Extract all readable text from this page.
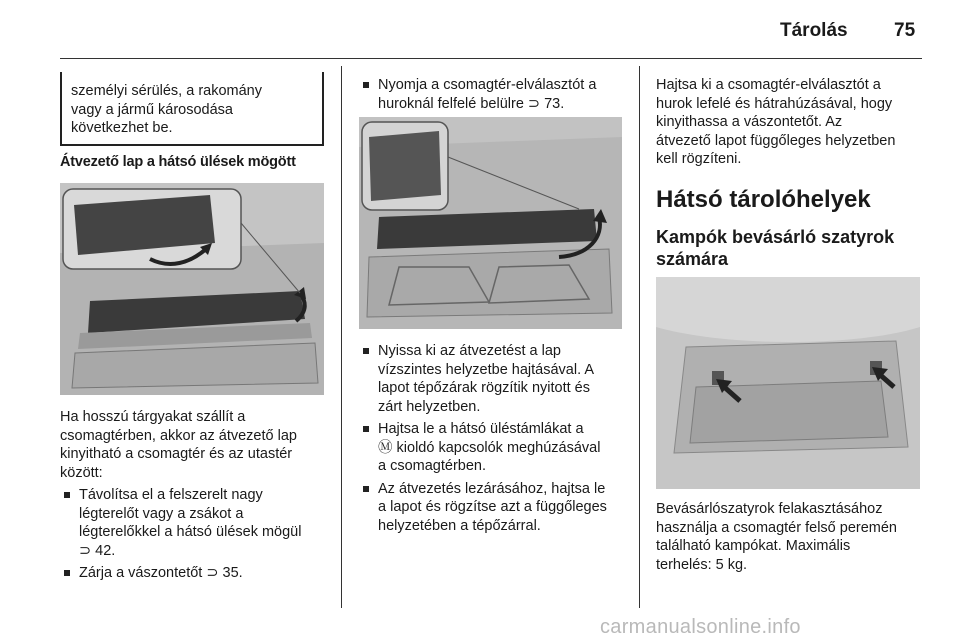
Tárolás 75
személyi sérülés, a rakomány
vagy a jármű károsodása
következhet be.
Átvezető lap a hátsó ülések mögött
Ha hosszú tárgyakat szállít a
csomagtérben, akkor az átvezető lap
kinyitható a csomagtér és az utastér
között:
Távolítsa el a felszerelt nagy
légterelőt vagy a zsákot a
légterelőkkel a hátsó ülések mögül
⊃ 42.
Zárja a vászontetőt ⊃ 35.
Nyomja a csomagtér-elválasztót a
huroknál felfelé belülre ⊃ 73.
Nyissa ki az átvezetést a lap
vízszintes helyzetbe hajtásával. A
lapot tépőzárak rögzítik nyitott és
zárt helyzetben.
Hajtsa le a hátsó üléstámlákat a
Ⓜ kioldó kapcsolók meghúzásával
a csomagtérben.
Az átvezetés lezárásához, hajtsa le
a lapot és rögzítse azt a függőleges
helyzetében a tépőzárral.
Hajtsa ki a csomagtér-elválasztót a
hurok lefelé és hátrahúzásával, hogy
kinyithassa a vászontetőt. Az
átvezető lapot függőleges helyzetben
kell rögzíteni.
Hátsó tárolóhelyek
Kampók bevásárló szatyrok
számára
Bevásárlószatyrok felakasztásához
használja a csomagtér felső peremén
található kampókat. Maximális
terhelés: 5 kg.
carmanualsonline.info
